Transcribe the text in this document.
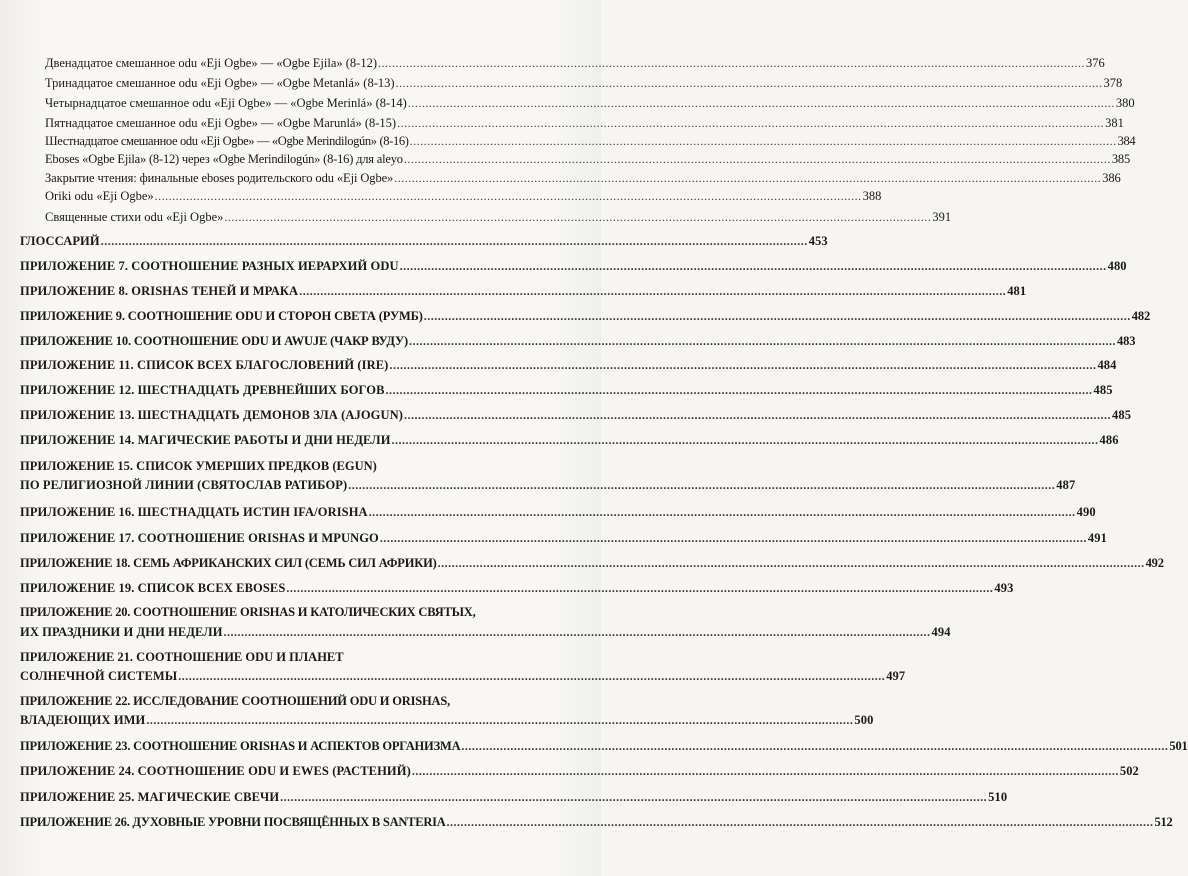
Двенадцатое смешанное odu «Eji Ogbe» — «Ogbe Ejila» (8-12) .....	376
Тринадцатое смешанное odu «Eji Ogbe» — «Ogbe Metanlá» (8-13) .....	378
Четырнадцатое смешанное odu «Eji Ogbe» — «Ogbe Merinlá» (8-14) .....	380
Пятнадцатое смешанное odu «Eji Ogbe» — «Ogbe Marunlá» (8-15) .....	381
Шестнадцатое смешанное odu «Eji Ogbe» — «Ogbe Merindilogún» (8-16) .....	384
Eboses «Ogbe Ejila» (8-12) через «Ogbe Merindilogún» (8-16) для aleyo .....	385
Закрытие чтения: финальные eboses родительского odu «Eji Ogbe» .....	386
Oriki odu «Eji Ogbe» .....	388
Священные стихи odu «Eji Ogbe» .....	391
ГЛОССАРИЙ .....	453
ПРИЛОЖЕНИЕ 7. СООТНОШЕНИЕ РАЗНЫХ ИЕРАРХИЙ ODU .....	480
ПРИЛОЖЕНИЕ 8. ORISHAS ТЕНЕЙ И МРАКА .....	481
ПРИЛОЖЕНИЕ 9. СООТНОШЕНИЕ ODU И СТОРОН СВЕТА (РУМБ) .....	482
ПРИЛОЖЕНИЕ 10. СООТНОШЕНИЕ ODU И AWUJE (ЧАКР ВУДУ) .....	483
ПРИЛОЖЕНИЕ 11. СПИСОК ВСЕХ БЛАГОСЛОВЕНИЙ (IRE) .....	484
ПРИЛОЖЕНИЕ 12. ШЕСТНАДЦАТЬ ДРЕВНЕЙШИХ БОГОВ .....	485
ПРИЛОЖЕНИЕ 13. ШЕСТНАДЦАТЬ ДЕМОНОВ ЗЛА (AJOGUN) .....	485
ПРИЛОЖЕНИЕ 14. МАГИЧЕСКИЕ РАБОТЫ И ДНИ НЕДЕЛИ .....	486
ПРИЛОЖЕНИЕ 15. СПИСОК УМЕРШИХ ПРЕДКОВ (EGUN)
ПО РЕЛИГИОЗНОЙ ЛИНИИ (СВЯТОСЛАВ РАТИБОР) .....	487
ПРИЛОЖЕНИЕ 16. ШЕСТНАДЦАТЬ ИСТИН IFA/ORISHA .....	490
ПРИЛОЖЕНИЕ 17. СООТНОШЕНИЕ ORISHAS И MPUNGO .....	491
ПРИЛОЖЕНИЕ 18. СЕМЬ АФРИКАНСКИХ СИЛ (СЕМЬ СИЛ АФРИКИ) .....	492
ПРИЛОЖЕНИЕ 19. СПИСОК ВСЕХ EBOSES .....	493
ПРИЛОЖЕНИЕ 20. СООТНОШЕНИЕ ORISHAS И КАТОЛИЧЕСКИХ СВЯТЫХ,
ИХ ПРАЗДНИКИ И ДНИ НЕДЕЛИ .....	494
ПРИЛОЖЕНИЕ 21. СООТНОШЕНИЕ ODU И ПЛАНЕТ
СОЛНЕЧНОЙ СИСТЕМЫ .....	497
ПРИЛОЖЕНИЕ 22. ИССЛЕДОВАНИЕ СООТНОШЕНИЙ ODU И ORISHAS,
ВЛАДЕЮЩИХ ИМИ .....	500
ПРИЛОЖЕНИЕ 23. СООТНОШЕНИЕ ORISHAS И АСПЕКТОВ ОРГАНИЗМА .....	501
ПРИЛОЖЕНИЕ 24. СООТНОШЕНИЕ ODU И EWES (РАСТЕНИЙ) .....	502
ПРИЛОЖЕНИЕ 25. МАГИЧЕСКИЕ СВЕЧИ .....	510
ПРИЛОЖЕНИЕ 26. ДУХОВНЫЕ УРОВНИ ПОСВЯЩЁННЫХ В SANTERIA .....	512
